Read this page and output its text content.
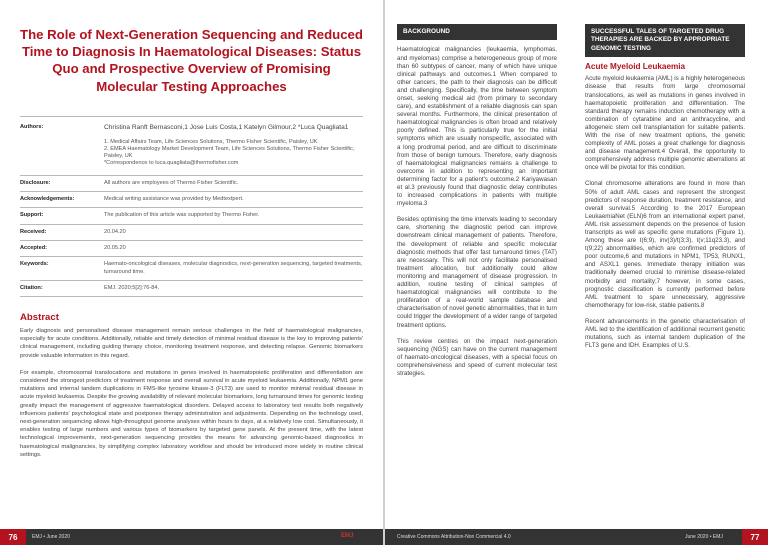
The Role of Next-Generation Sequencing and Reduced Time to Diagnosis In Haematological Diseases: Status Quo and Prospective Overview of Promising Molecular Testing Approaches
Authors:	Christina Ranft Bernasconi,1 Jose Luis Costa,1 Katelyn Gilmour,2 *Luca Quagliata1
1. Medical Affairs Team, Life Sciences Solutions, Thermo Fisher Scientific, Paisley, UK
2. EMEA Haematology Market Development Team, Life Sciences Solutions, Thermo Fisher Scientific, Paisley, UK
*Correspondence to luca.quagliata@thermofisher.com
Disclosure:	All authors are employees of Thermo Fisher Scientific.
Acknowledgements:	Medical writing assistance was provided by Medtextpert.
Support:	The publication of this article was supported by Thermo Fisher.
Received:	20.04.20
Accepted:	20.05.20
Keywords:	Haemato-oncological diseases, molecular diagnostics, next-generation sequencing, targeted treatments, turnaround time.
Citation:	EMJ. 2020;5[2]:76-84.
Abstract

Early diagnosis and personalised disease management remain serious challenges in the field of haematological malignancies, especially for acute conditions. Additionally, reliable and timely detection of minimal residual disease is the key to improving patients' clinical management, including guiding therapy choice, monitoring treatment response, and detecting relapse. Genomic biomarkers provide valuable information in this regard.

For example, chromosomal translocations and mutations in genes involved in haematopoietic proliferation and differentiation are considered the strongest predictors of treatment response and overall survival in acute myeloid leukaemia. Additionally, NPM1 gene mutations and internal tandem duplications in FMS-like tyrosine kinase-3 (FLT3) are used to monitor minimal residual disease in acute myeloid leukaemia. Despite the growing availability of relevant molecular biomarkers, long turnaround times for genomic testing greatly impact the management of aggressive haematological disorders. Delayed access to laboratory test results both negatively influences patients' psychological state and postpones therapy administration and adjustments. Depending on the technology used, next-generation sequencing allows high-throughput genome analyses within hours to days, at a relatively low cost. Simultaneously, it enables testing of large numbers and various types of biomarkers by targeted gene panels. At the present time, with the latest technological improvements, next-generation sequencing provides the means for advancing genomic-based diagnostics in haematological malignancies, by simplifying complex laboratory workflow and should be introduced more widely in routine clinical settings.

76	EMJ • June 2020	EMJ
BACKGROUND

Haematological malignancies (leukaemia, lymphomas, and myelomas) comprise a heterogeneous group of more than 60 subtypes of cancer, many of which have unique clinical pathways and outcomes.1 When compared to other cancers, the path to their diagnosis can be difficult and challenging. Specifically, the time between symptom onset, seeking medical aid (from primary to secondary care), and establishment of a reliable diagnosis can span several months. Furthermore, the clinical presentation of haematological malignancies is often broad and relatively poorly defined. This is particularly true for the initial symptoms which are usually nonspecific, associated with a long prodromal period, and are difficult to discriminate from those of benign tumours. Therefore, early diagnosis of haematological malignancies remains a challenge to overcome in addition to representing an important determining factor for a patient's outcome.2 Kariyawasan et al.3 previously found that diagnostic delay contributes to increased complications in patients with multiple myeloma.3

Besides optimising the time intervals leading to secondary care, shortening the diagnostic period can improve downstream clinical management of patients. Therefore, the development of reliable and specific molecular diagnostic methods that offer fast turnaround times (TAT) are necessary. This will not only facilitate personalised treatment allocation, but additionally could allow monitoring and management of disease progression. In addition, routine testing of clinical samples of haematological malignancies will contribute to the proliferation of a real-world sample database and characterisation of novel genetic abnormalities, that in turn could trigger the development of a wider range of targeted treatment options.

This review centres on the impact next-generation sequencing (NGS) can have on the current management of haemato-oncological diseases, with a special focus on comprehensiveness and speed of current molecular test strategies.

SUCCESSFUL TALES OF TARGETED DRUG THERAPIES ARE BACKED BY APPROPRIATE GENOMIC TESTING
Acute Myeloid Leukaemia

Acute myeloid leukaemia (AML) is a highly heterogeneous disease that results from large chromosomal translocations, as well as mutations in genes involved in haematopoietic proliferation and differentiation. The standard therapy remains induction chemotherapy with a combination of cytarabine and an anthracycline, and allogeneic stem cell transplantation for suitable patients. With the rise of new treatment options, the genetic complexity of AML poses a great challenge for diagnosis and disease management.4 Overall, the opportunity to comprehensively address multiple genomic aberrations at once will be pivotal for this condition.

Clonal chromosome alterations are found in more than 50% of adult AML cases and represent the strongest predictors of response duration, treatment resistance, and overall survival.5 According to the 2017 European LeukaemiaNet (ELN)6 from an international expert panel, AML risk assessment depends on the presence of fusion transcripts as well as specific gene mutations (Figure 1). Among these are t(6;9), inv(3)/t(3;3), t(v;11q23.3), and t(9;22) abnormalities, which are confirmed predictors of poor outcome,6 and mutations in NPM1, TP53, RUNX1, and ASXL1 genes. Immediate therapy initiation was traditionally deemed crucial to minimise disease-related morbidity and mortality;7 however, in some cases, prognostic classification is currently performed before AML treatment to spare unnecessary, aggressive chemotherapy for low-risk, stable patients.8

Recent advancements in the genetic characterisation of AML led to the identification of additional recurrent genetic mutations, such as internal tandem duplication of the FLT3 gene and IDH. Examples of U.S.

Creative Commons Attribution-Non Commercial 4.0	June 2020 • EMJ	77
